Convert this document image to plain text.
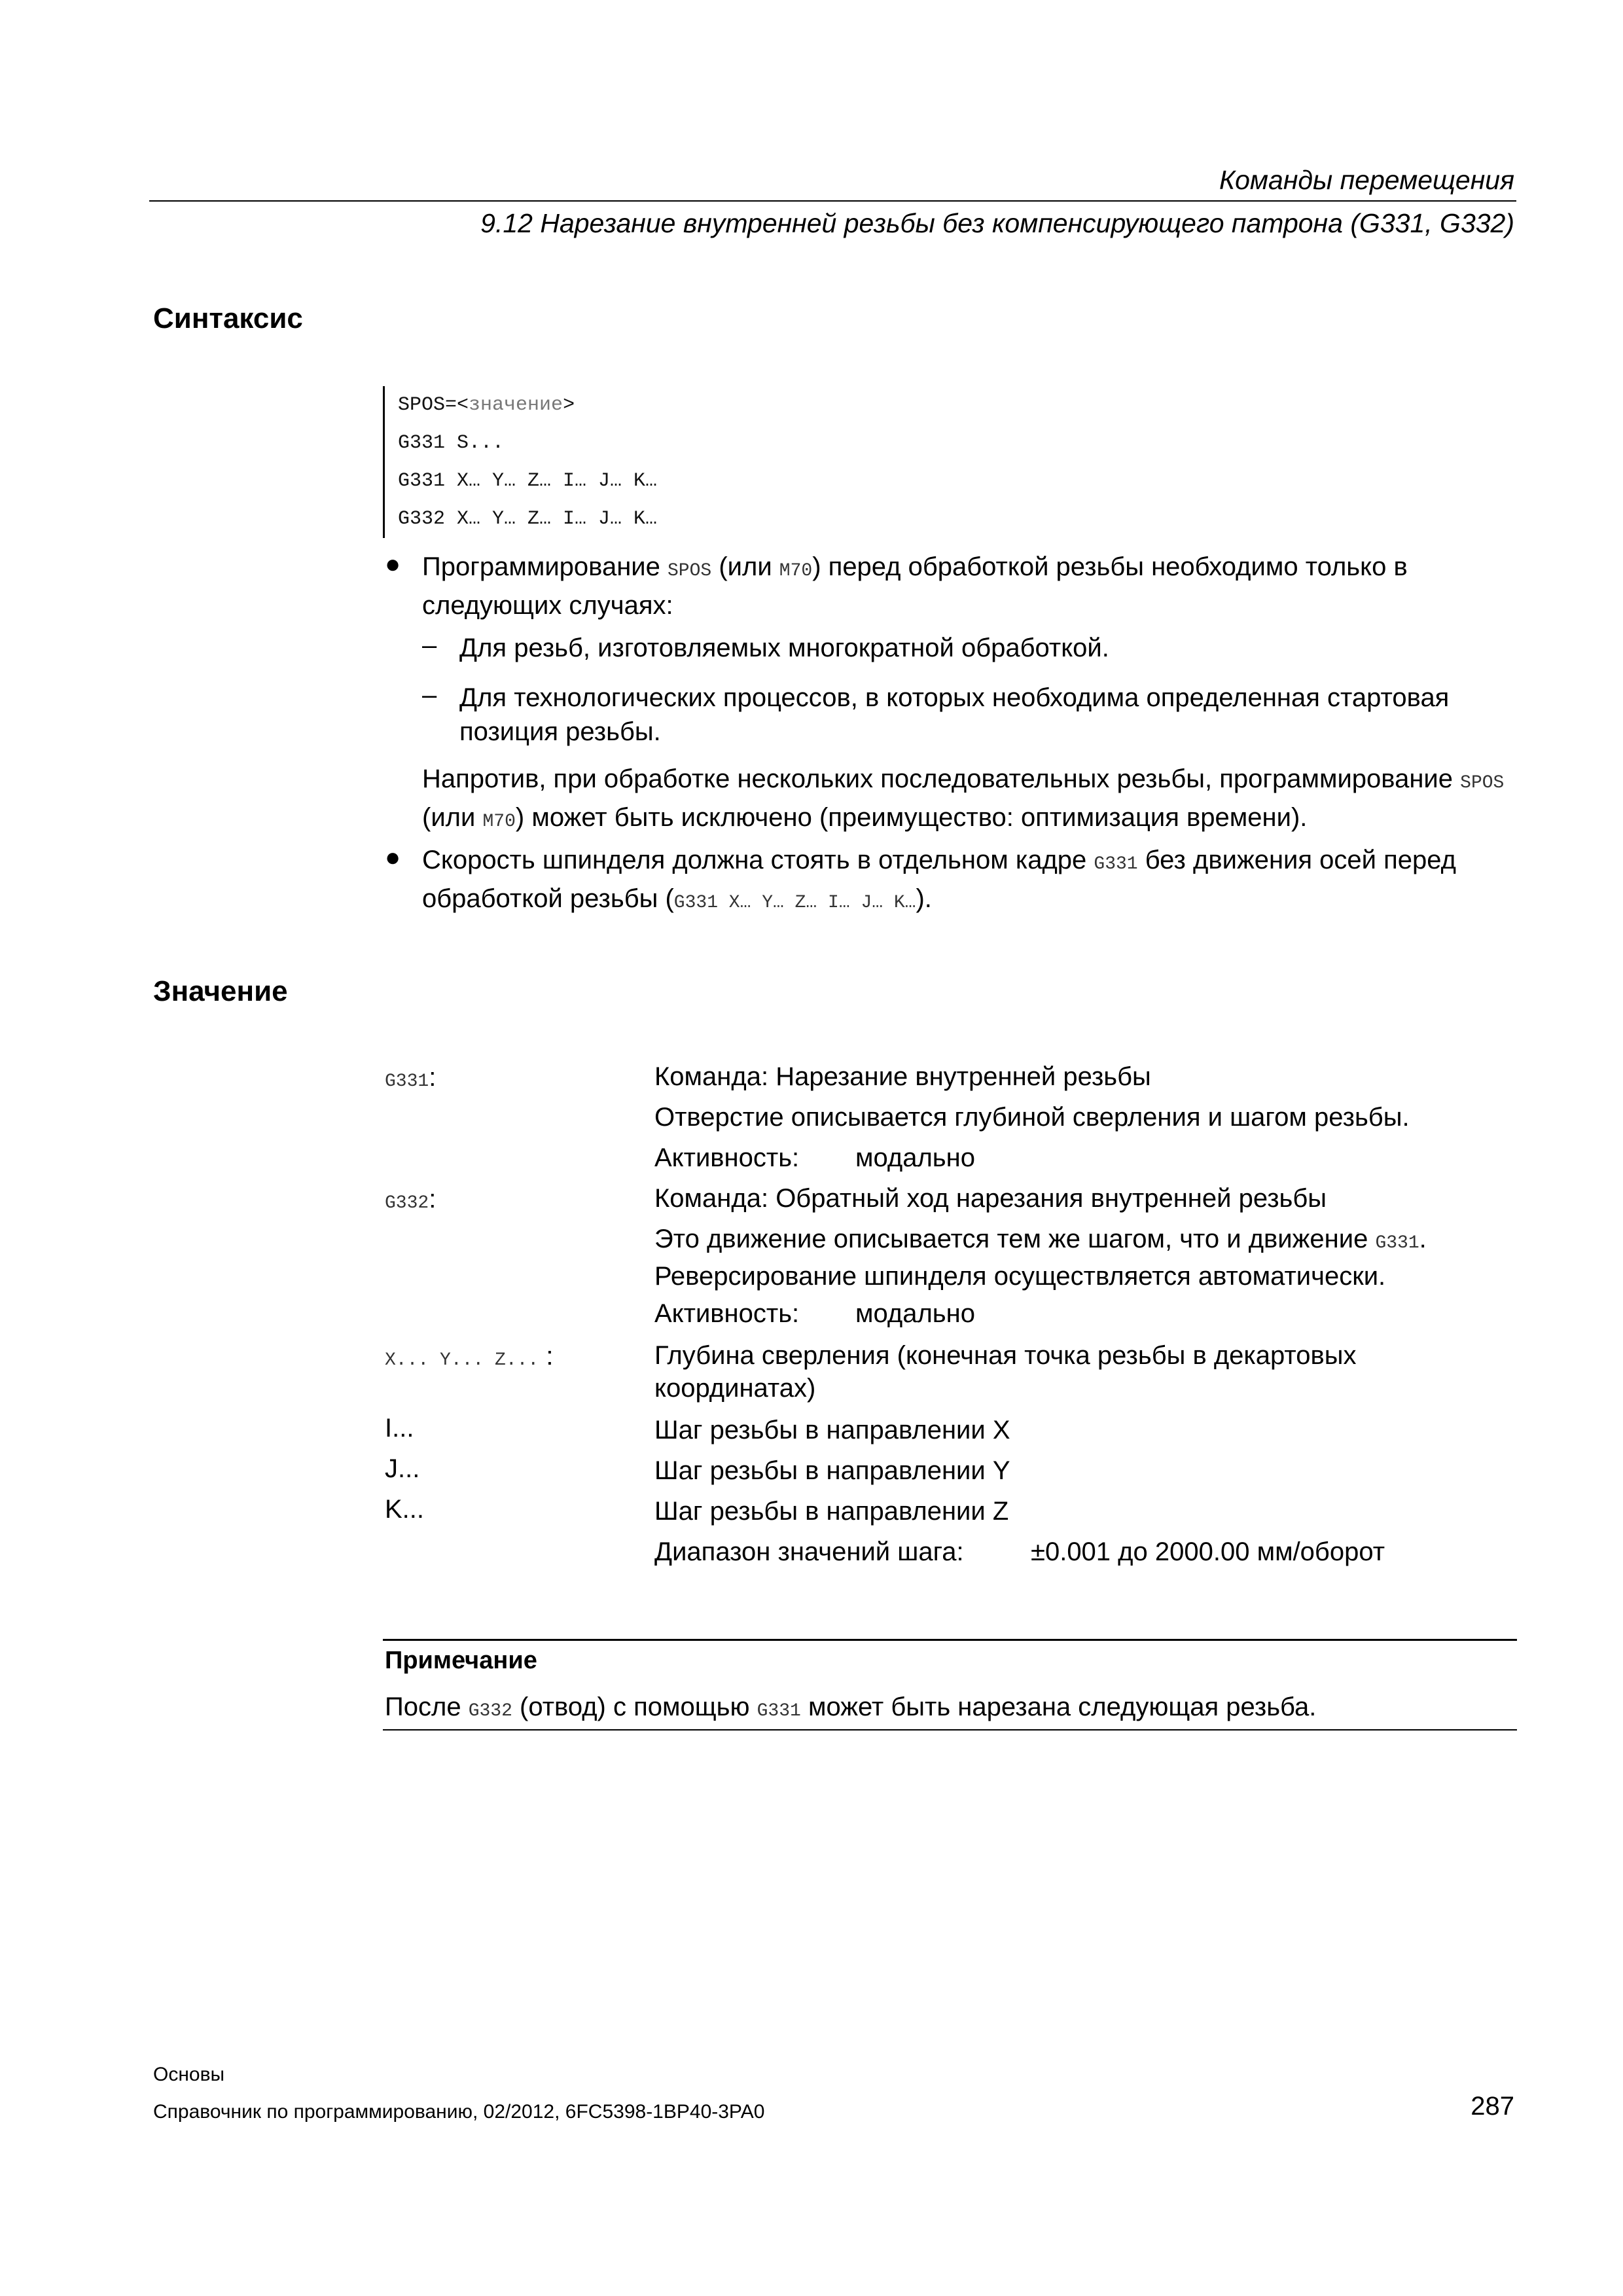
Команды перемещения
9.12 Нарезание внутренней резьбы без компенсирующего патрона (G331, G332)
Синтаксис
SPOS=<значение>
G331 S...
G331 X… Y… Z… I… J… K…
G332 X… Y… Z… I… J… K…
● Программирование SPOS (или M70) перед обработкой резьбы необходимо только в следующих случаях:
– Для резьб, изготовляемых многократной обработкой.
– Для технологических процессов, в которых необходима определенная стартовая позиция резьбы.
Напротив, при обработке нескольких последовательных резьбы, программирование SPOS (или M70) может быть исключено (преимущество: оптимизация времени).
● Скорость шпинделя должна стоять в отдельном кадре G331 без движения осей перед обработкой резьбы (G331 X… Y… Z… I… J… K…).
Значение
G331:	Команда: Нарезание внутренней резьбы
Отверстие описывается глубиной сверления и шагом резьбы.
Активность: модально
G332:	Команда: Обратный ход нарезания внутренней резьбы
Это движение описывается тем же шагом, что и движение G331. Реверсирование шпинделя осуществляется автоматически.
Активность: модально
X... Y... Z... :	Глубина сверления (конечная точка резьбы в декартовых координатах)
I...	Шаг резьбы в направлении X
J...	Шаг резьбы в направлении Y
K...	Шаг резьбы в направлении Z
Диапазон значений шага:	±0.001 до 2000.00 мм/оборот
Примечание
После G332 (отвод) с помощью G331 может быть нарезана следующая резьба.
Основы
Справочник по программированию, 02/2012, 6FC5398-1BP40-3PA0	287
